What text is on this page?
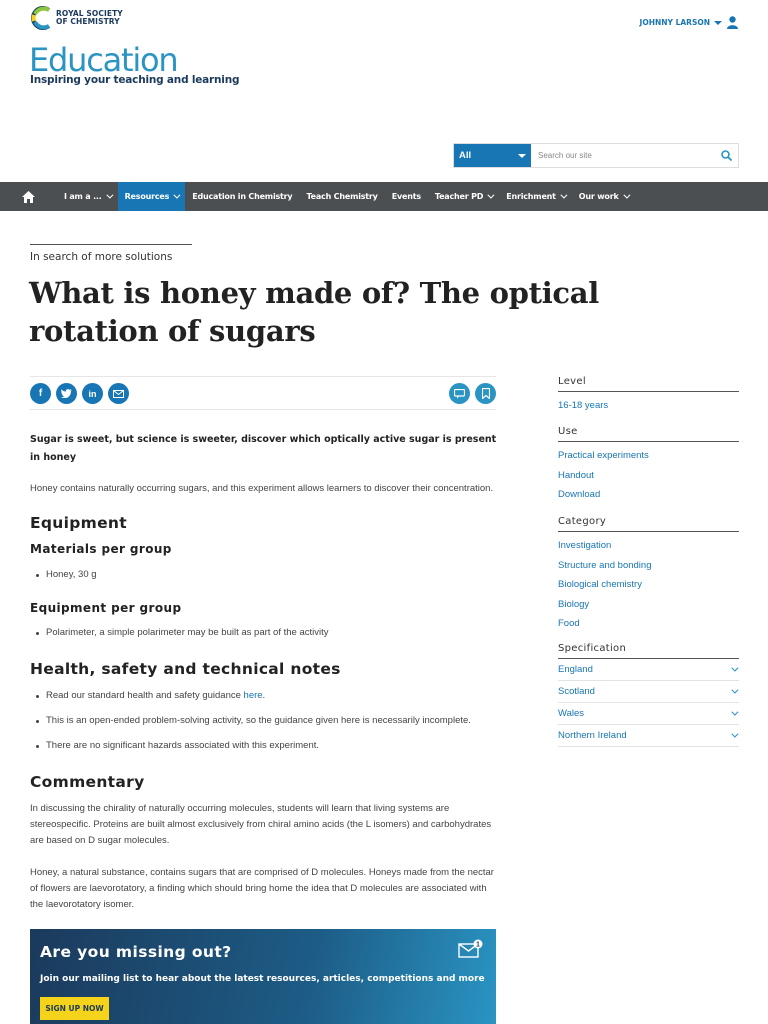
ROYAL SOCIETY
OF CHEMISTRY
Education
Inspiring your teaching and learning
JOHNNY LARSON
All
Search our site
I am a ...	Resources	Education in Chemistry Teach Chemistry Events Teacher PD	Enrichment	Our work
In search of more solutions
What is honey made of? The optical
rotation of sugars
f	in

Sugar is sweet, but science is sweeter, discover which optically active sugar is present in honey

Honey contains naturally occurring sugars, and this experiment allows learners to discover their concentration.

Equipment
Materials per group
Honey, 30 g
Equipment per group
Polarimeter, a simple polarimeter may be built as part of the activity
Health, safety and technical notes
Read our standard health and safety guidance here.
This is an open-ended problem-solving activity, so the guidance given here is necessarily incomplete.
There are no significant hazards associated with this experiment.
Commentary

In discussing the chirality of naturally occurring molecules, students will learn that living systems are stereospecific. Proteins are built almost exclusively from chiral amino acids (the L isomers) and carbohydrates are based on D sugar molecules.

Honey, a natural substance, contains sugars that are comprised of D molecules. Honeys made from the nectar of flowers are laevorotatory, a finding which should bring home the idea that D molecules are associated with the laevorotatory isomer.

Are you missing out?
Join our mailing list to hear about the latest resources, articles, competitions and more
SIGN UP NOW
1
Level
16-18 years
Use
Practical experiments
Handout
Download
Category
Investigation
Structure and bonding
Biological chemistry
Biology
Food
Specification
England
Scotland
Wales
Northern Ireland
